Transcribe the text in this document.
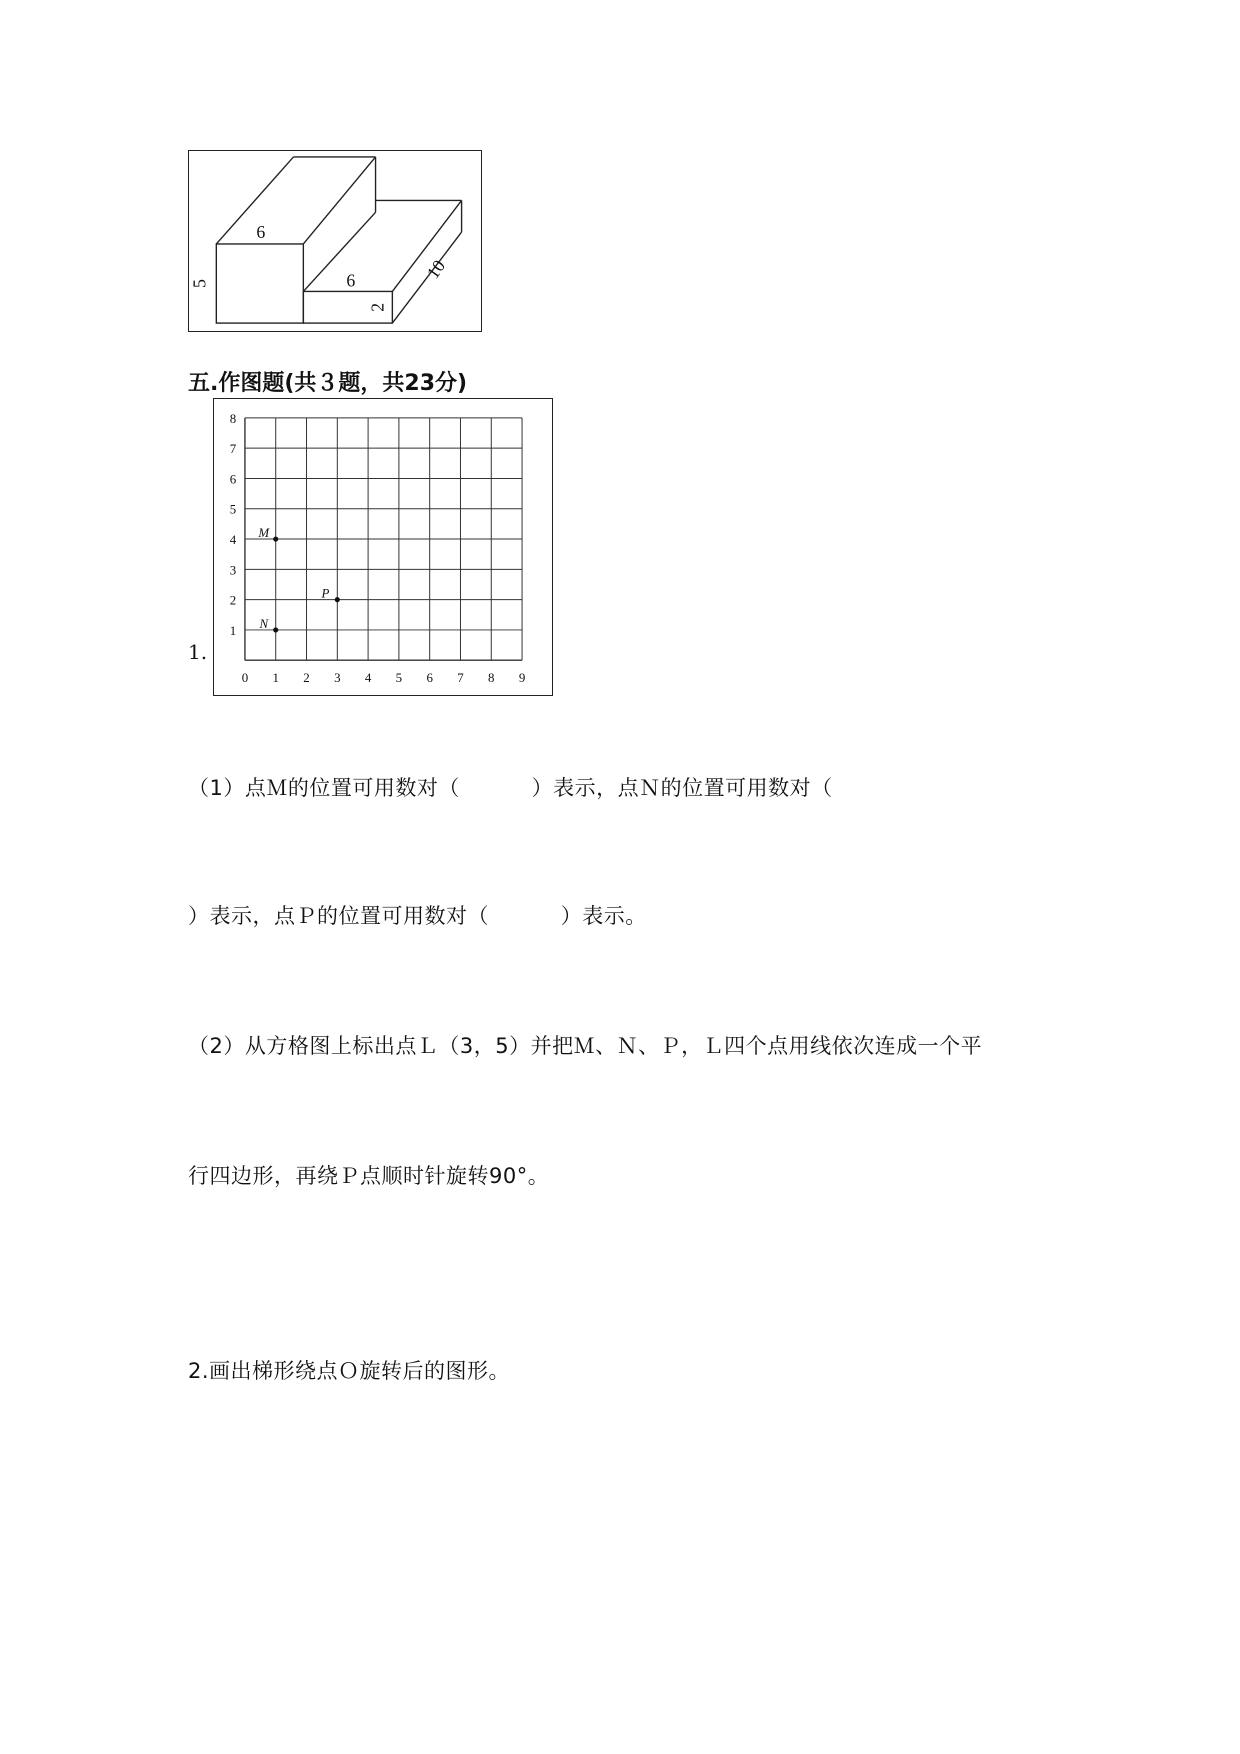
6
5	6
2
10
五.作图题(共３题，共23分)
1.
0 1 2 3 4 5 6 7 8 9
1
2
3
4
5
6
7
8
M
N
P
（1）点Ｍ的位置可用数对（          ）表示，点Ｎ的位置可用数对（
）表示，点Ｐ的位置可用数对（          ）表示。
（2）从方格图上标出点Ｌ（3，5）并把Ｍ、Ｎ、Ｐ，Ｌ四个点用线依次连成一个平
行四边形，再绕Ｐ点顺时针旋转90°。
2.画出梯形绕点Ｏ旋转后的图形。
